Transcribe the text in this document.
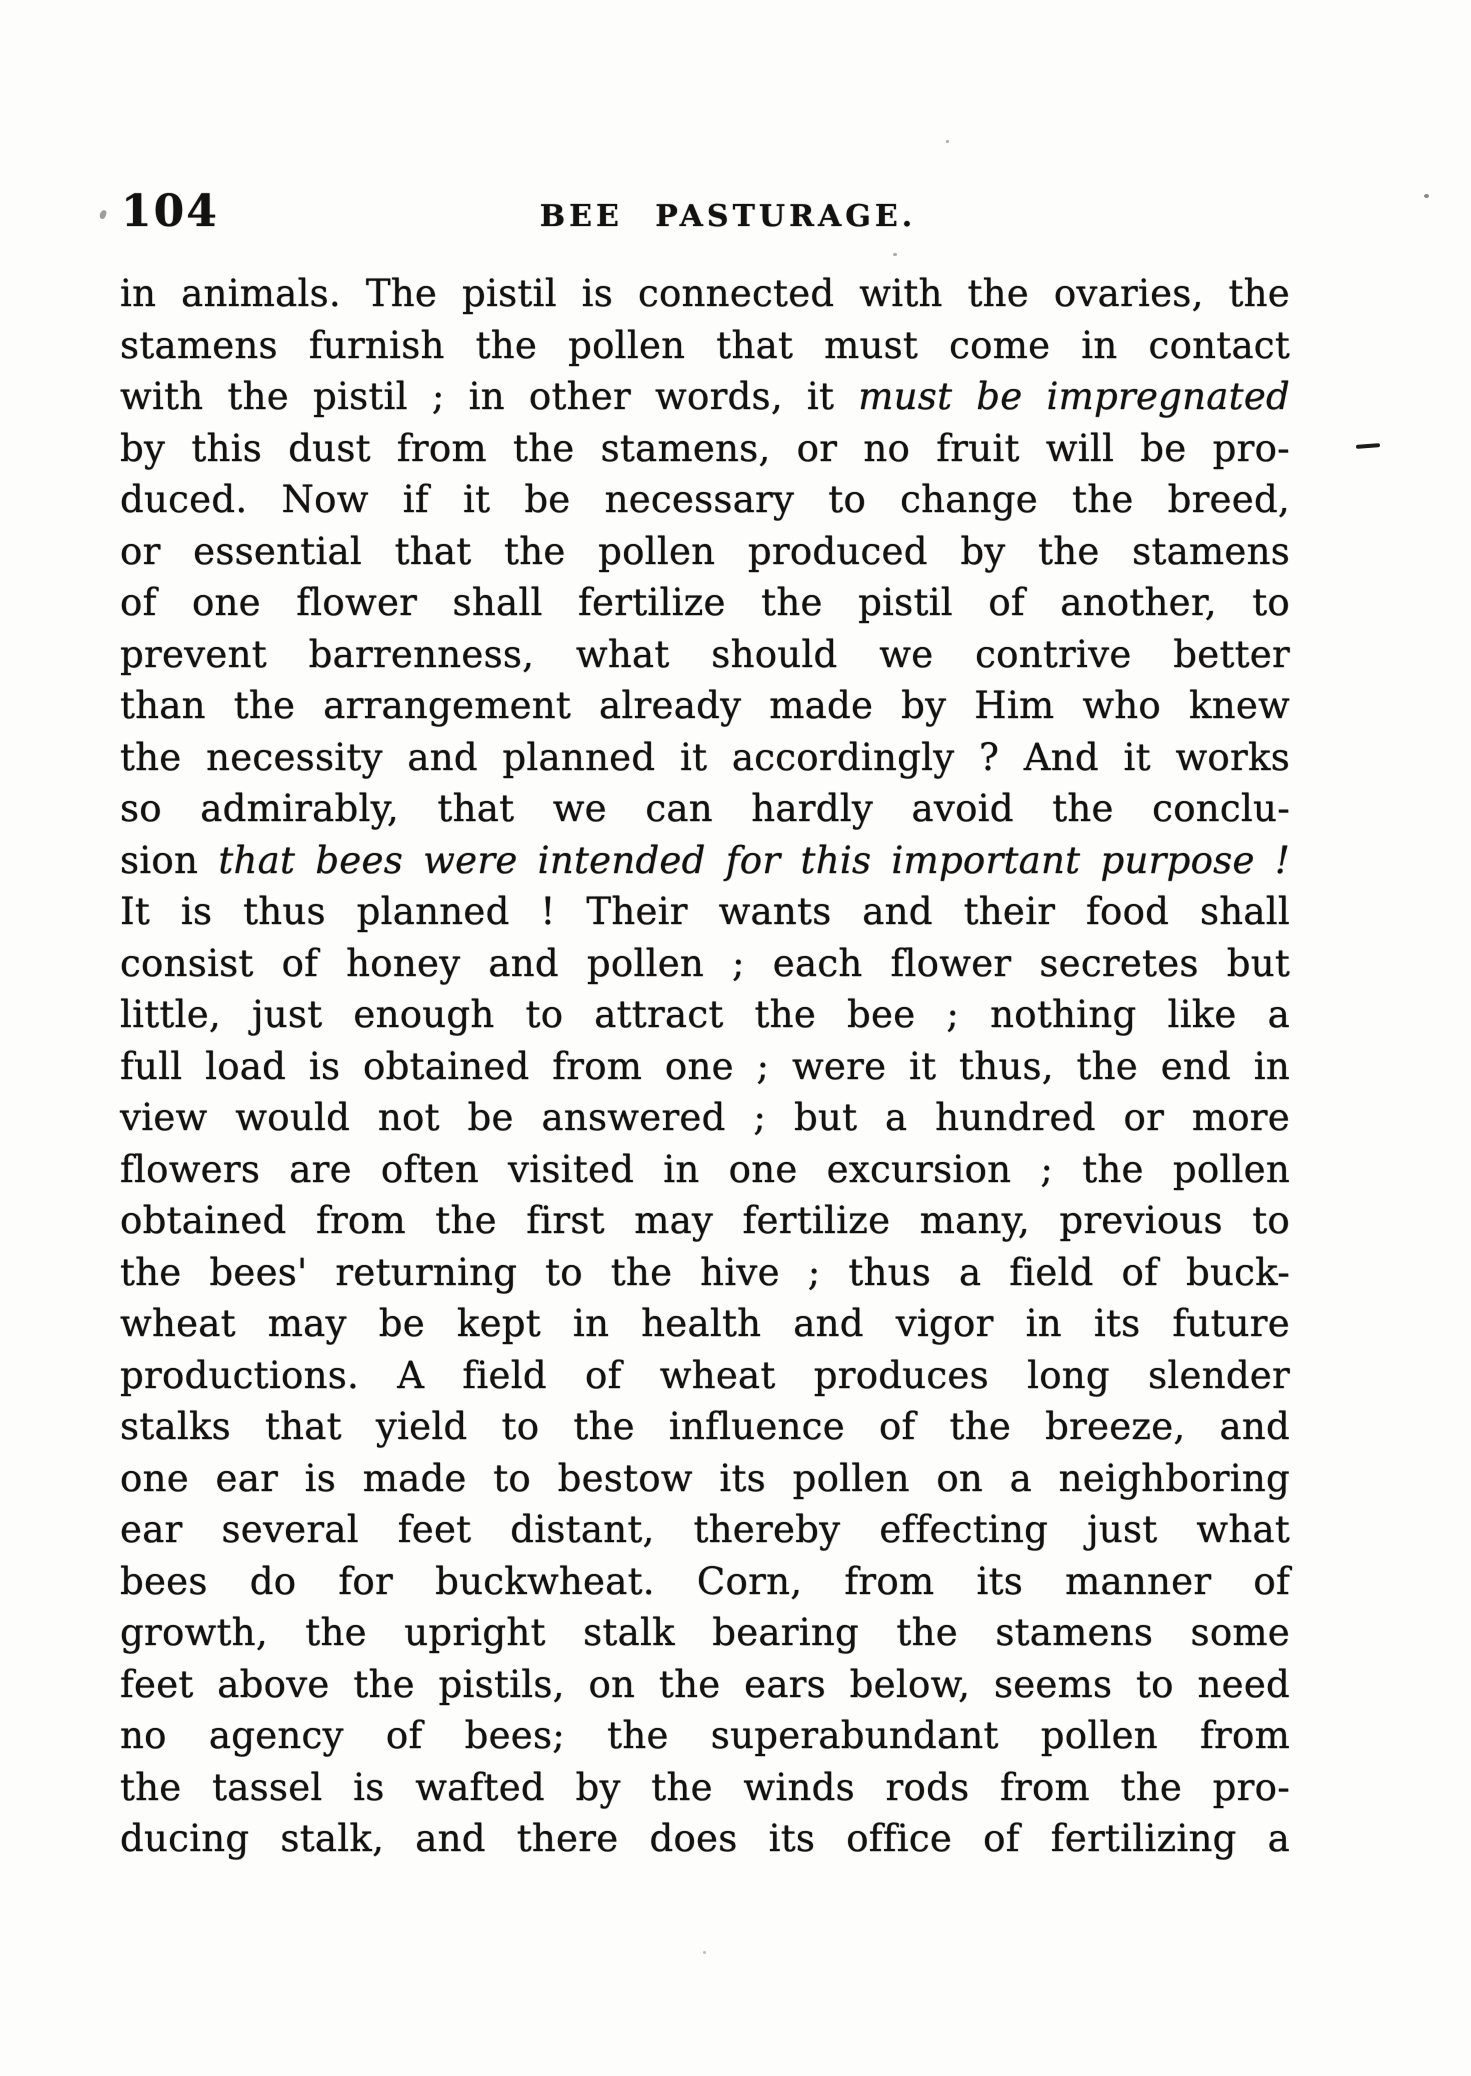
104	BEE PASTURAGE.
in animals. The pistil is connected with the ovaries, the
stamens furnish the pollen that must come in contact
with the pistil ; in other words, it must be impregnated
by this dust from the stamens, or no fruit will be pro-
duced. Now if it be necessary to change the breed,
or essential that the pollen produced by the stamens
of one flower shall fertilize the pistil of another, to
prevent barrenness, what should we contrive better
than the arrangement already made by Him who knew
the necessity and planned it accordingly ? And it works
so admirably, that we can hardly avoid the conclu-
sion that bees were intended for this important purpose !
It is thus planned ! Their wants and their food shall
consist of honey and pollen ; each flower secretes but
little, just enough to attract the bee ; nothing like a
full load is obtained from one ; were it thus, the end in
view would not be answered ; but a hundred or more
flowers are often visited in one excursion ; the pollen
obtained from the first may fertilize many, previous to
the bees' returning to the hive ; thus a field of buck-
wheat may be kept in health and vigor in its future
productions. A field of wheat produces long slender
stalks that yield to the influence of the breeze, and
one ear is made to bestow its pollen on a neighboring
ear several feet distant, thereby effecting just what
bees do for buckwheat. Corn, from its manner of
growth, the upright stalk bearing the stamens some
feet above the pistils, on the ears below, seems to need
no agency of bees; the superabundant pollen from
the tassel is wafted by the winds rods from the pro-
ducing stalk, and there does its office of fertilizing a
